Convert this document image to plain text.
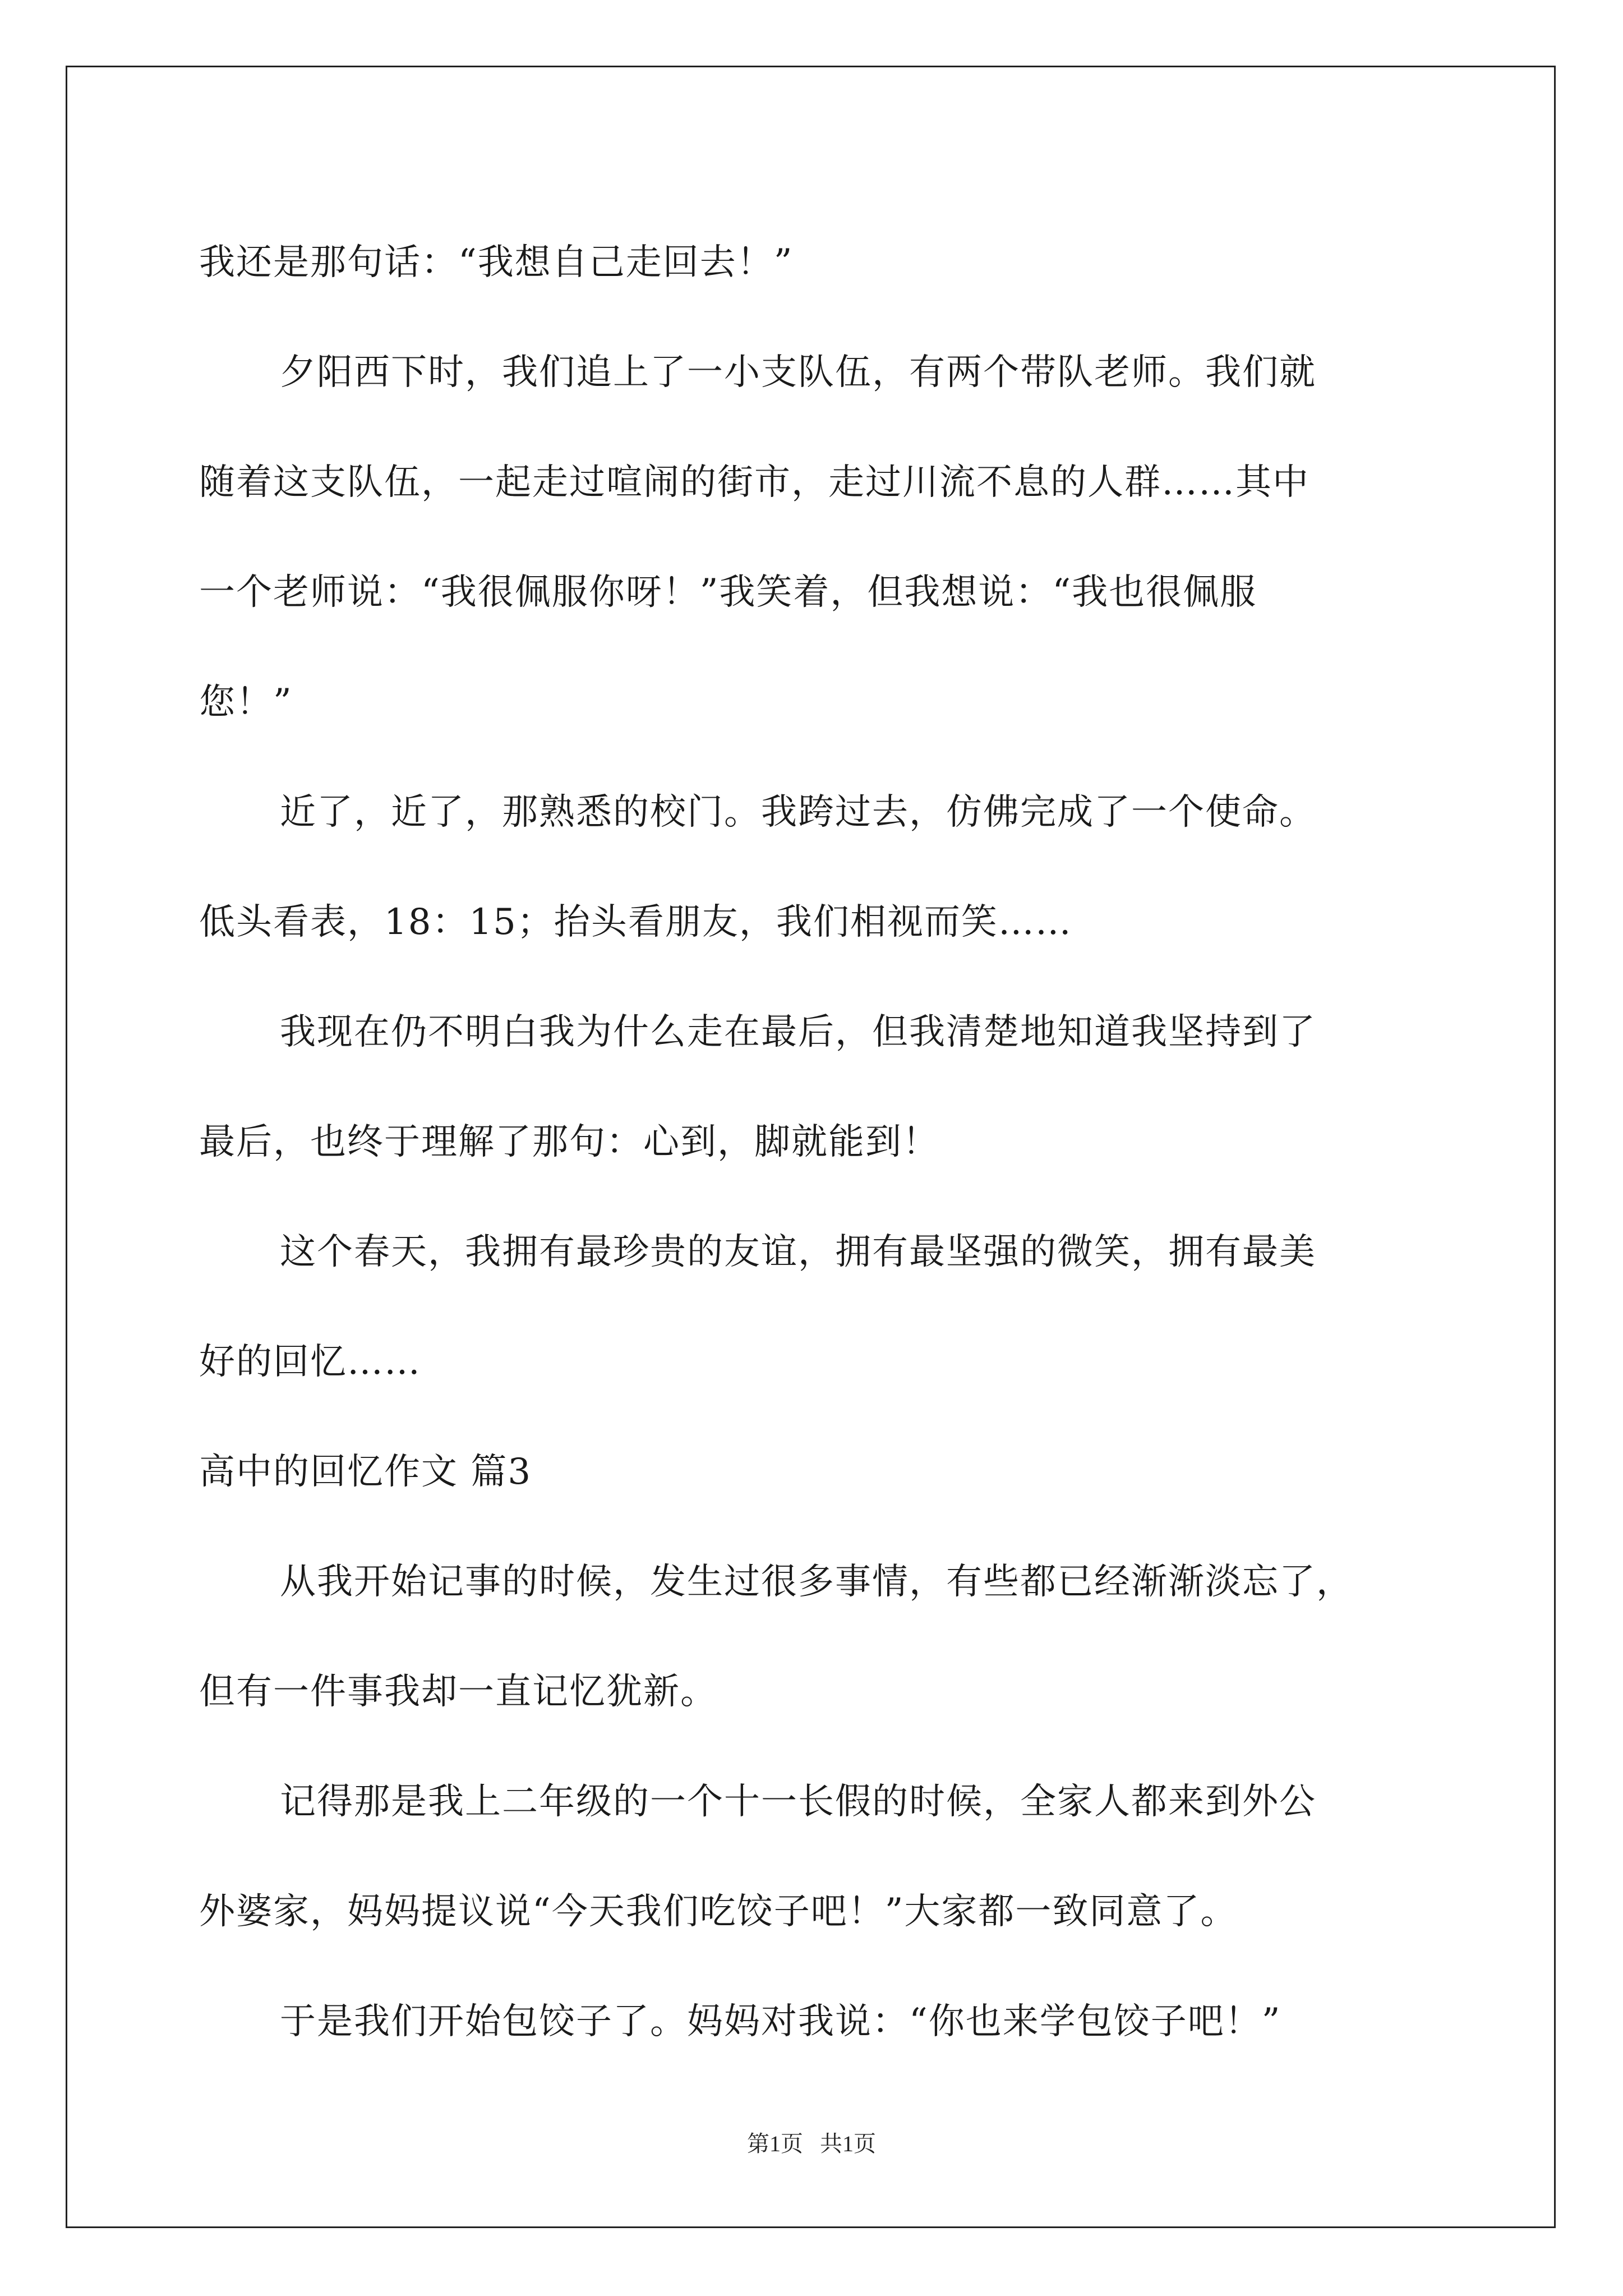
我还是那句话：“我想自己走回去！”

夕阳西下时，我们追上了一小支队伍，有两个带队老师。我们就

随着这支队伍，一起走过喧闹的街市，走过川流不息的人群……其中

一个老师说：“我很佩服你呀！”我笑着，但我想说：“我也很佩服

您！”

近了，近了，那熟悉的校门。我跨过去，仿佛完成了一个使命。

低头看表，18：15；抬头看朋友，我们相视而笑……

我现在仍不明白我为什么走在最后，但我清楚地知道我坚持到了

最后，也终于理解了那句：心到，脚就能到！

这个春天，我拥有最珍贵的友谊，拥有最坚强的微笑，拥有最美

好的回忆……

高中的回忆作文 篇3

从我开始记事的时候，发生过很多事情，有些都已经渐渐淡忘了，

但有一件事我却一直记忆犹新。

记得那是我上二年级的一个十一长假的时候，全家人都来到外公

外婆家，妈妈提议说“今天我们吃饺子吧！”大家都一致同意了。

于是我们开始包饺子了。妈妈对我说：“你也来学包饺子吧！”

第1页   共1页
